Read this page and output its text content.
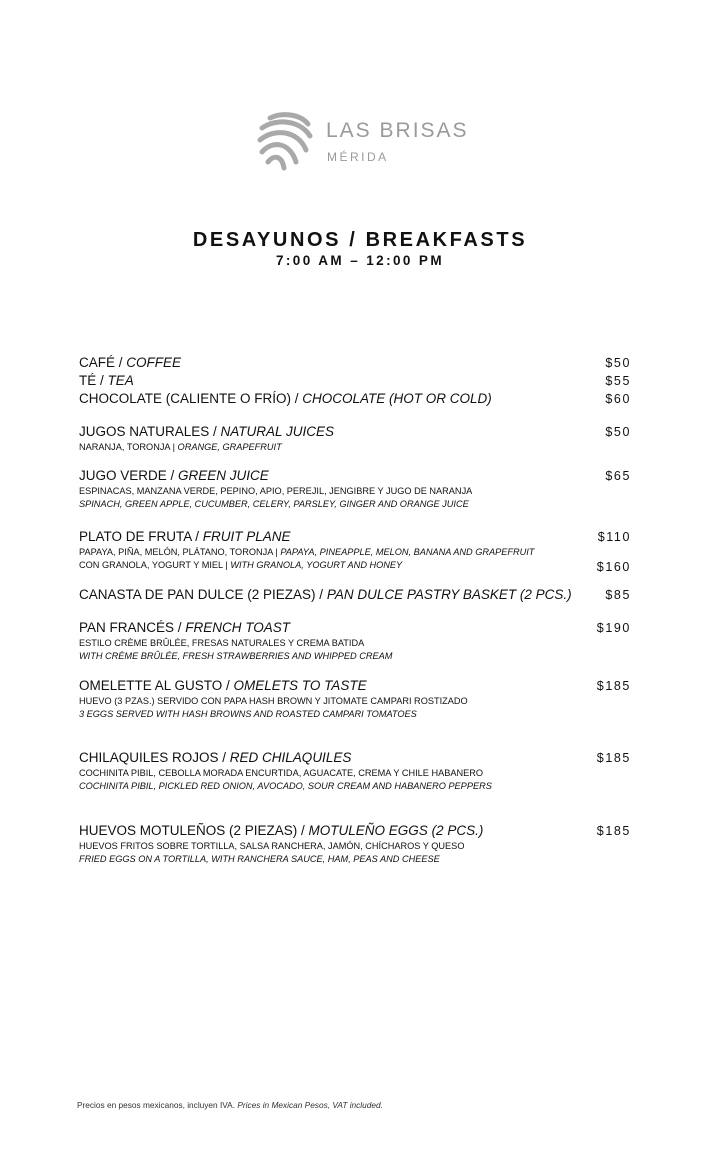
LAS BRISAS
MÉRIDA
DESAYUNOS / BREAKFASTS
7:00 AM – 12:00 PM
CAFÉ / COFFEE	$50
TÉ / TEA	$55
CHOCOLATE (CALIENTE O FRÍO) / CHOCOLATE (HOT OR COLD)	$60
JUGOS NATURALES / NATURAL JUICES	$50
NARANJA, TORONJA | ORANGE, GRAPEFRUIT
JUGO VERDE / GREEN JUICE	$65
ESPINACAS, MANZANA VERDE, PEPINO, APIO, PEREJIL, JENGIBRE Y JUGO DE NARANJA
SPINACH, GREEN APPLE, CUCUMBER, CELERY, PARSLEY, GINGER AND ORANGE JUICE
PLATO DE FRUTA / FRUIT PLANE	$110
PAPAYA, PIÑA, MELÓN, PLÁTANO, TORONJA | PAPAYA, PINEAPPLE, MELON, BANANA AND GRAPEFRUIT
CON GRANOLA, YOGURT Y MIEL | WITH GRANOLA, YOGURT AND HONEY	$160
CANASTA DE PAN DULCE (2 PIEZAS) / PAN DULCE PASTRY BASKET (2 PCS.)	$85
PAN FRANCÉS / FRENCH TOAST	$190
ESTILO CRÈME BRÛLÉE, FRESAS NATURALES Y CREMA BATIDA
WITH CRÈME BRÛLÉE, FRESH STRAWBERRIES AND WHIPPED CREAM
OMELETTE AL GUSTO / OMELETS TO TASTE	$185
HUEVO (3 PZAS.) SERVIDO CON PAPA HASH BROWN Y JITOMATE CAMPARI ROSTIZADO
3 EGGS SERVED WITH HASH BROWNS AND ROASTED CAMPARI TOMATOES
CHILAQUILES ROJOS / RED CHILAQUILES	$185
COCHINITA PIBIL, CEBOLLA MORADA ENCURTIDA, AGUACATE, CREMA Y CHILE HABANERO
COCHINITA PIBIL, PICKLED RED ONION, AVOCADO, SOUR CREAM AND HABANERO PEPPERS
HUEVOS MOTULEÑOS (2 PIEZAS) / MOTULEÑO EGGS (2 PCS.)	$185
HUEVOS FRITOS SOBRE TORTILLA, SALSA RANCHERA, JAMÓN, CHÍCHAROS Y QUESO
FRIED EGGS ON A TORTILLA, WITH RANCHERA SAUCE, HAM, PEAS AND CHEESE
Precios en pesos mexicanos, incluyen IVA. Prices in Mexican Pesos, VAT included.
